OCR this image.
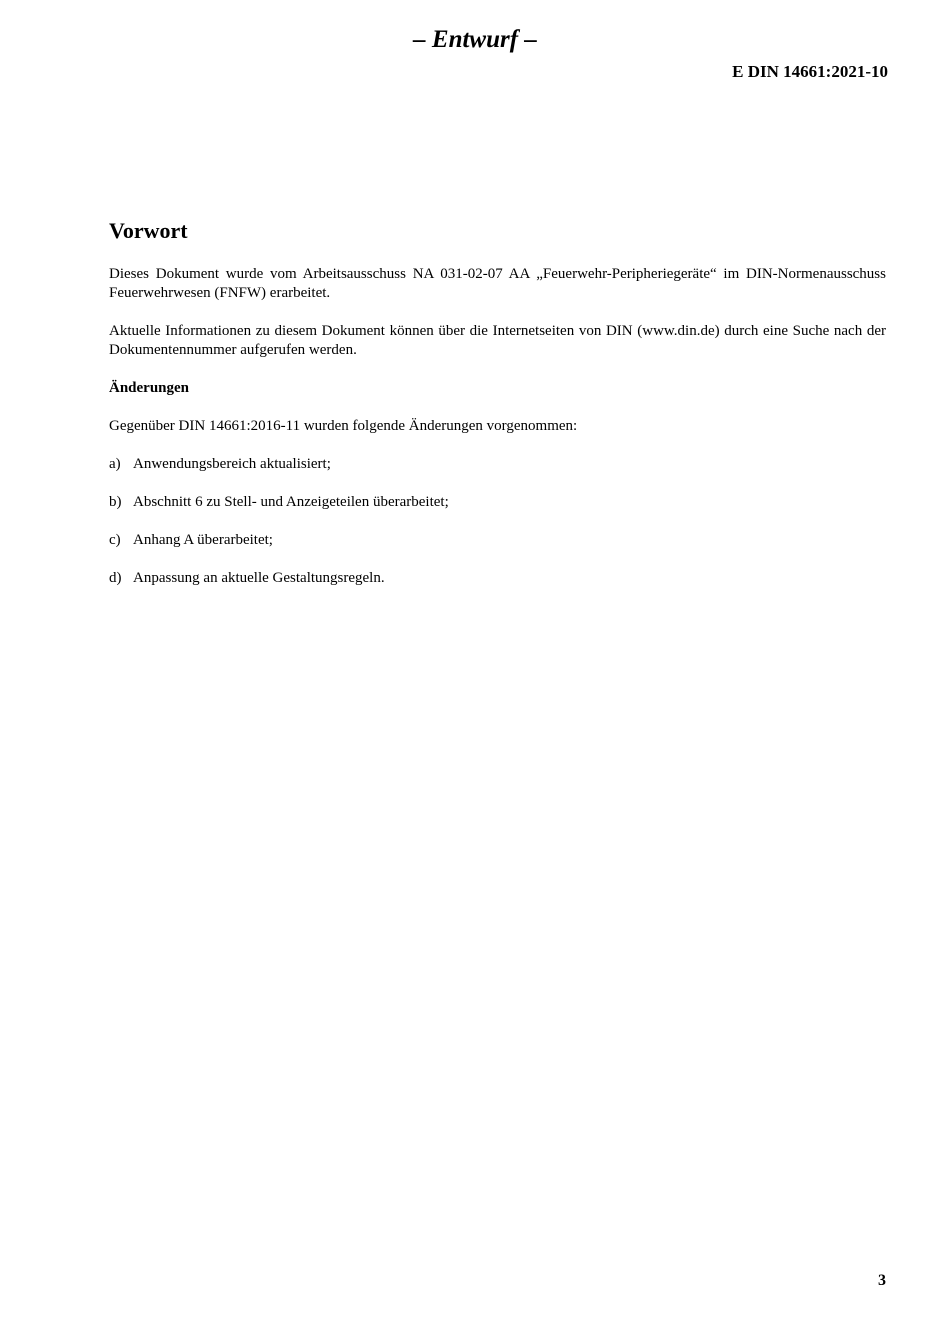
– Entwurf –
E DIN 14661:2021-10
Vorwort

Dieses Dokument wurde vom Arbeitsausschuss NA 031-02-07 AA „Feuerwehr-Peripheriegeräte“ im DIN-Normenausschuss Feuerwehrwesen (FNFW) erarbeitet.

Aktuelle Informationen zu diesem Dokument können über die Internetseiten von DIN (www.din.de) durch eine Suche nach der Dokumentennummer aufgerufen werden.

Änderungen

Gegenüber DIN 14661:2016-11 wurden folgende Änderungen vorgenommen:

a) Anwendungsbereich aktualisiert;
b) Abschnitt 6 zu Stell- und Anzeigeteilen überarbeitet;
c) Anhang A überarbeitet;
d) Anpassung an aktuelle Gestaltungsregeln.
3
